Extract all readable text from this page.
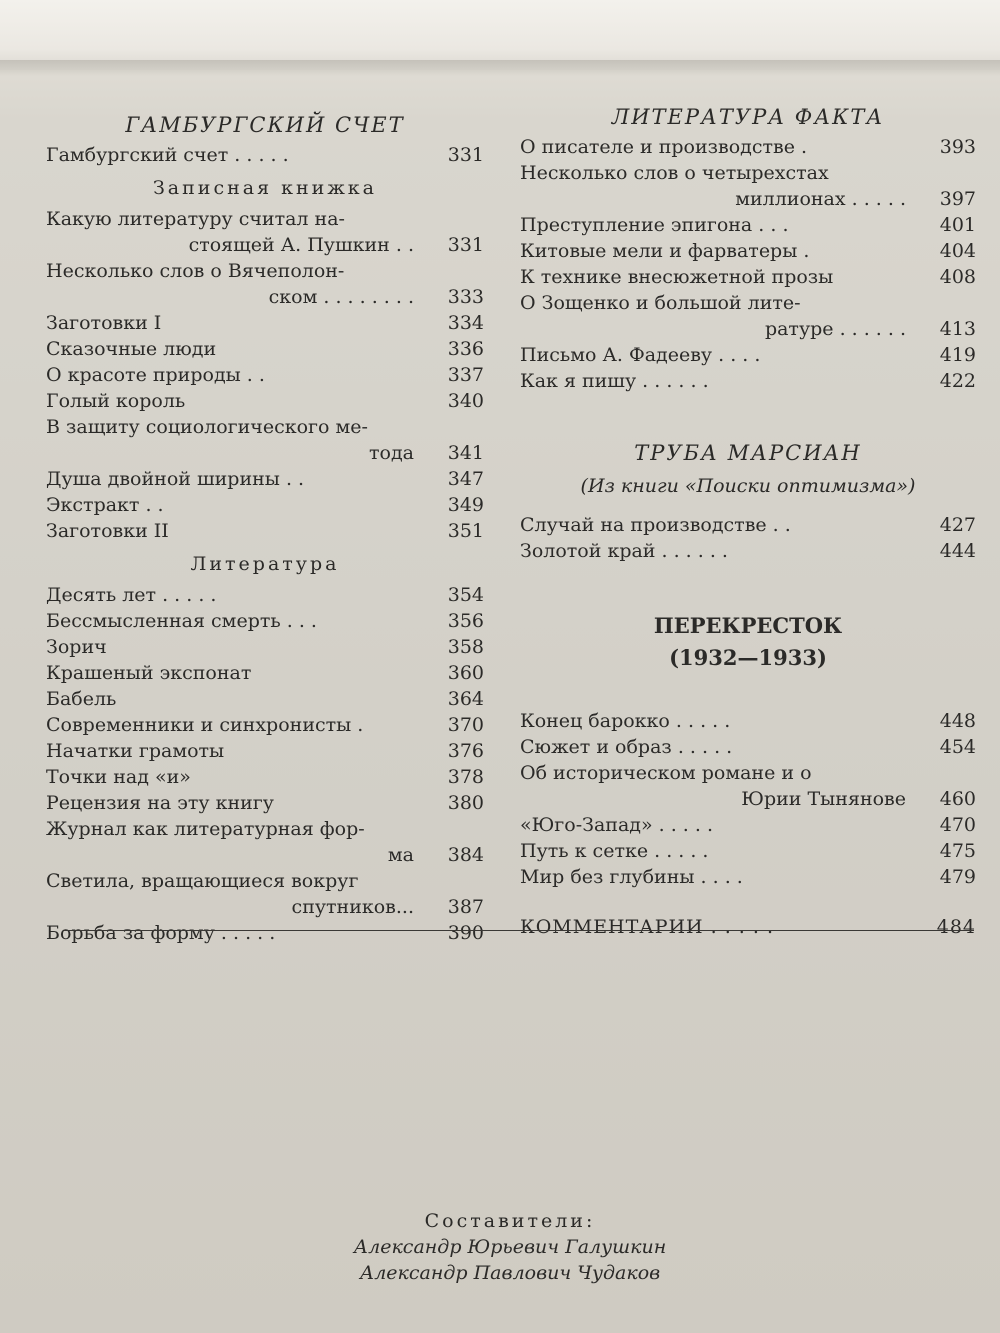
ГАМБУРГСКИЙ СЧЕТ
Гамбургский счет . . . . .	331
Записная книжка
Какую литературу считал на-
стоящей А. Пушкин . .	331
Несколько слов о Вячеполон-
ском . . . . . . . .	333
Заготовки I	334
Сказочные люди	336
О красоте природы . .	337
Голый король	340
В защиту социологического ме-
тода	341
Душа двойной ширины . .	347
Экстракт . .	349
Заготовки II	351
Литература
Десять лет . . . . .	354
Бессмысленная смерть . . .	356
Зорич	358
Крашеный экспонат	360
Бабель	364
Современники и синхронисты .	370
Начатки грамоты	376
Точки над «и»	378
Рецензия на эту книгу	380
Журнал как литературная фор-
ма	384
Светила, вращающиеся вокруг
спутников...	387
Борьба за форму . . . . .	390
ЛИТЕРАТУРА ФАКТА
О писателе и производстве .	393
Несколько слов о четырехстах
миллионах . . . . .	397
Преступление эпигона . . .	401
Китовые мели и фарватеры .	404
К технике внесюжетной прозы	408
О Зощенко и большой лите-
ратуре . . . . . .	413
Письмо А. Фадееву . . . .	419
Как я пишу . . . . . .	422
ТРУБА МАРСИАН
(Из книги «Поиски оптимизма»)
Случай на производстве . .	427
Золотой край . . . . . .	444
ПЕРЕКРЕСТОК
(1932—1933)
Конец барокко . . . . .	448
Сюжет и образ . . . . .	454
Об историческом романе и о
Юрии Тынянове	460
«Юго-Запад» . . . . .	470
Путь к сетке . . . . .	475
Мир без глубины . . . .	479
КОММЕНТАРИИ . . . . .	484
Составители:
Александр Юрьевич Галушкин
Александр Павлович Чудаков
